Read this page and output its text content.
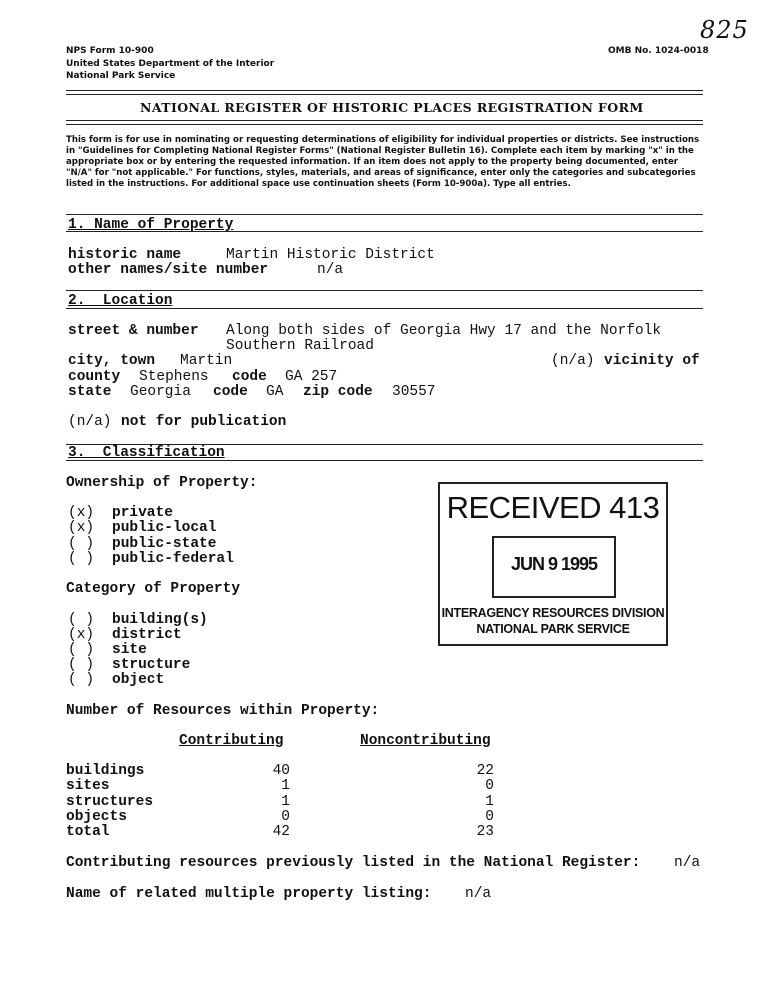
825
NPS Form 10-900	OMB No. 1024-0018
United States Department of the Interior
National Park Service
NATIONAL REGISTER OF HISTORIC PLACES REGISTRATION FORM
This form is for use in nominating or requesting determinations of eligibility for individual properties or districts. See instructions in "Guidelines for Completing National Register Forms" (National Register Bulletin 16). Complete each item by marking "x" in the appropriate box or by entering the requested information. If an item does not apply to the property being documented, enter "N/A" for "not applicable." For functions, styles, materials, and areas of significance, enter only the categories and subcategories listed in the instructions. For additional space use continuation sheets (Form 10-900a). Type all entries.
1. Name of Property
historic name	Martin Historic District
other names/site number	n/a
2.  Location
street & number Along both sides of Georgia Hwy 17 and the Norfolk
Southern Railroad
city, town Martin	(n/a) vicinity of
county Stephens code GA 257
state Georgia code GA zip code 30557
(n/a) not for publication
3.  Classification
Ownership of Property:
(x) private
(x) public-local
( ) public-state
( ) public-federal
Category of Property
( ) building(s)
(x) district
( ) site
( ) structure
( ) object
Number of Resources within Property:
Contributing	Noncontributing
buildings	40	22
sites	1	0
structures	1	1
objects	0	0
total	42	23
Contributing resources previously listed in the National Register: n/a
Name of related multiple property listing: n/a
RECEIVED 413
JUN 9 1995
INTERAGENCY RESOURCES DIVISION
NATIONAL PARK SERVICE
